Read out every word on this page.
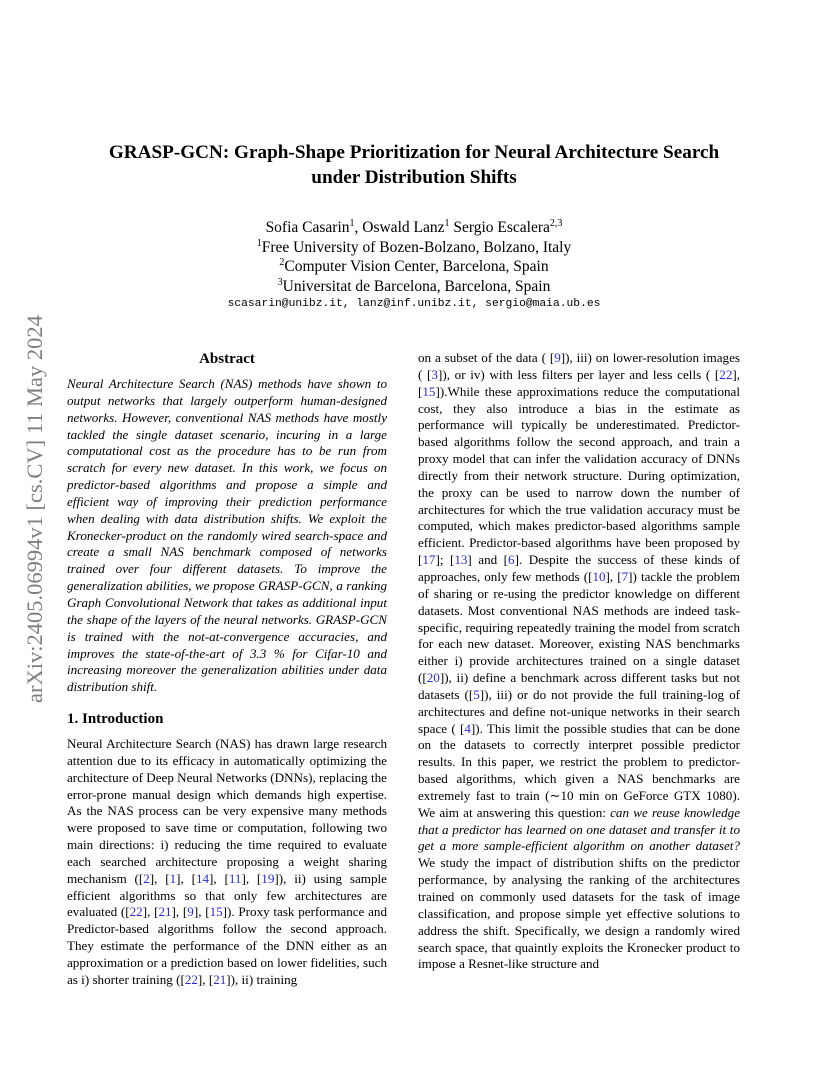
arXiv:2405.06994v1 [cs.CV] 11 May 2024
GRASP-GCN: Graph-Shape Prioritization for Neural Architecture Search
under Distribution Shifts
Sofia Casarin$^1$, Oswald Lanz$^1$ Sergio Escalera$^{2,3}$
$^1$Free University of Bozen-Bolzano, Bolzano, Italy
$^2$Computer Vision Center, Barcelona, Spain
$^3$Universitat de Barcelona, Barcelona, Spain
scasarin@unibz.it, lanz@inf.unibz.it, sergio@maia.ub.es
Abstract

Neural Architecture Search (NAS) methods have shown to output networks that largely outperform human-designed networks. However, conventional NAS methods have mostly tackled the single dataset scenario, incuring in a large computational cost as the procedure has to be run from scratch for every new dataset. In this work, we focus on predictor-based algorithms and propose a simple and efficient way of improving their prediction performance when dealing with data distribution shifts. We exploit the Kronecker-product on the randomly wired search-space and create a small NAS benchmark composed of networks trained over four different datasets. To improve the generalization abilities, we propose GRASP-GCN, a ranking Graph Convolutional Network that takes as additional input the shape of the layers of the neural networks. GRASP-GCN is trained with the not-at-convergence accuracies, and improves the state-of-the-art of 3.3 % for Cifar-10 and increasing moreover the generalization abilities under data distribution shift.

1. Introduction

Neural Architecture Search (NAS) has drawn large research attention due to its efficacy in automatically optimizing the architecture of Deep Neural Networks (DNNs), replacing the error-prone manual design which demands high expertise. As the NAS process can be very expensive many methods were proposed to save time or computation, following two main directions: i) reducing the time required to evaluate each searched architecture proposing a weight sharing mechanism ([2], [1], [14], [11], [19]), ii) using sample efficient algorithms so that only few architectures are evaluated ([22], [21], [9], [15]). Proxy task performance and Predictor-based algorithms follow the second approach. They estimate the performance of the DNN either as an approximation or a prediction based on lower fidelities, such as i) shorter training ([22], [21]), ii) training

on a subset of the data ( [9]), iii) on lower-resolution images ( [3]), or iv) with less filters per layer and less cells ( [22], [15]).While these approximations reduce the computational cost, they also introduce a bias in the estimate as performance will typically be underestimated. Predictor-based algorithms follow the second approach, and train a proxy model that can infer the validation accuracy of DNNs directly from their network structure. During optimization, the proxy can be used to narrow down the number of architectures for which the true validation accuracy must be computed, which makes predictor-based algorithms sample efficient. Predictor-based algorithms have been proposed by [17]; [13] and [6]. Despite the success of these kinds of approaches, only few methods ([10], [7]) tackle the problem of sharing or re-using the predictor knowledge on different datasets. Most conventional NAS methods are indeed task-specific, requiring repeatedly training the model from scratch for each new dataset. Moreover, existing NAS benchmarks either i) provide architectures trained on a single dataset ([20]), ii) define a benchmark across different tasks but not datasets ([5]), iii) or do not provide the full training-log of architectures and define not-unique networks in their search space ( [4]). This limit the possible studies that can be done on the datasets to correctly interpret possible predictor results. In this paper, we restrict the problem to predictor-based algorithms, which given a NAS benchmarks are extremely fast to train (∼10 min on GeForce GTX 1080). We aim at answering this question: can we reuse knowledge that a predictor has learned on one dataset and transfer it to get a more sample-efficient algorithm on another dataset? We study the impact of distribution shifts on the predictor performance, by analysing the ranking of the architectures trained on commonly used datasets for the task of image classification, and propose simple yet effective solutions to address the shift. Specifically, we design a randomly wired search space, that quaintly exploits the Kronecker product to impose a Resnet-like structure and
